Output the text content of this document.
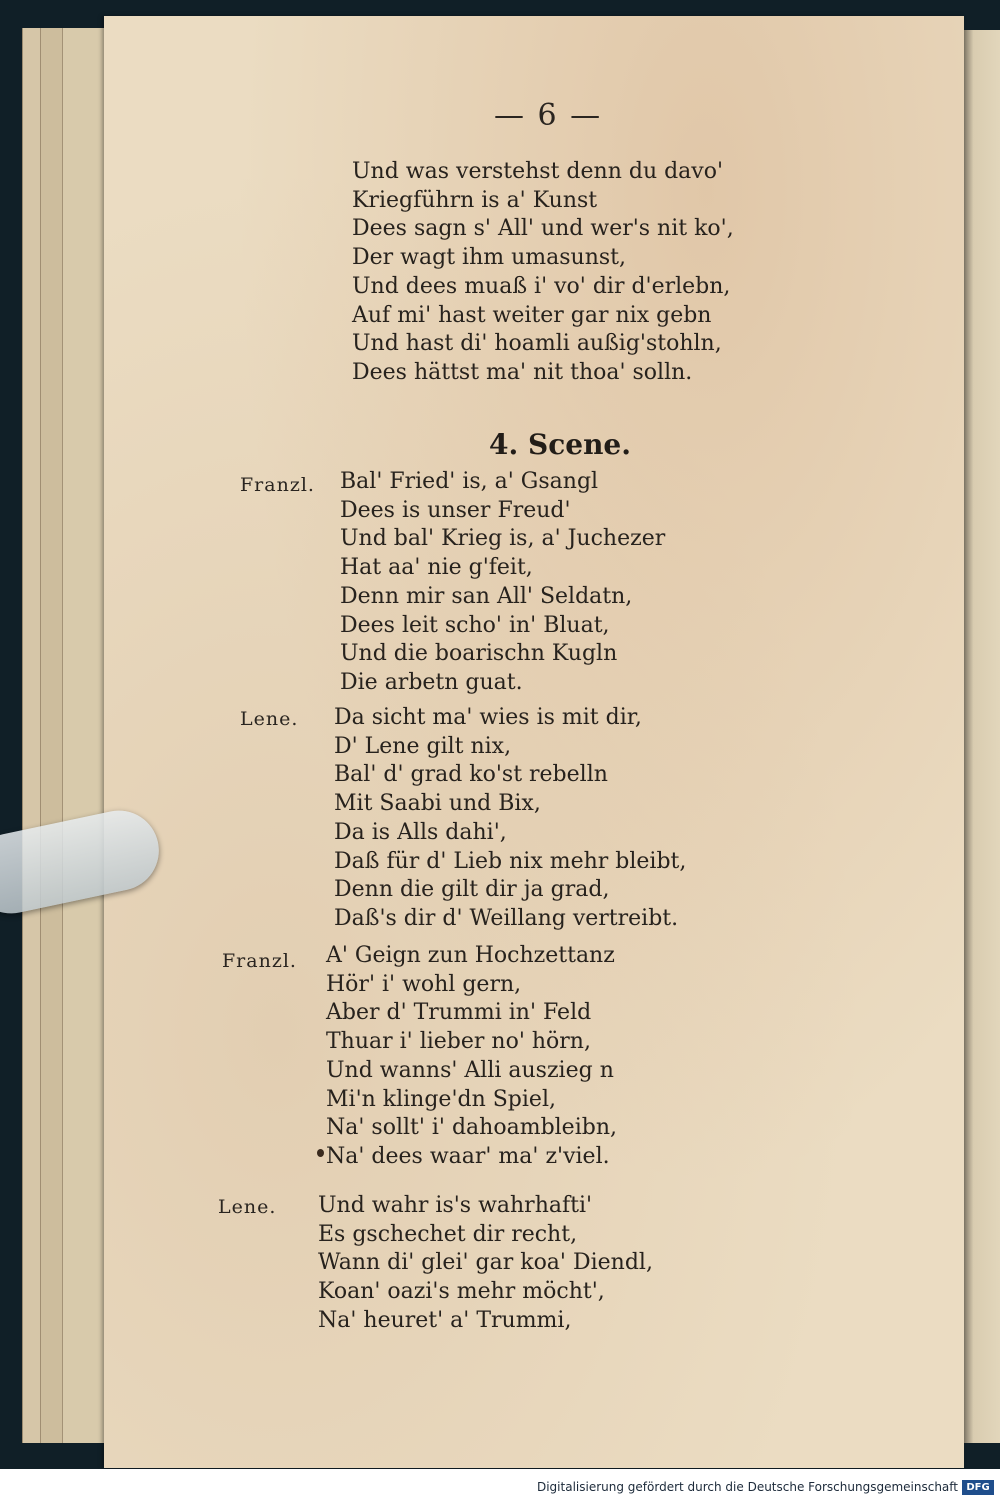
— 6 —
Und was verstehst denn du davo'
Kriegführn is a' Kunst
Dees sagn s' All' und wer's nit ko',
Der wagt ihm umasunst,
Und dees muaß i' vo' dir d'erlebn,
Auf mi' hast weiter gar nix gebn
Und hast di' hoamli außig'stohln,
Dees hättst ma' nit thoa' solln.
4. Scene.
Franzl. Bal' Fried' is, a' Gsangl
Dees is unser Freud'
Und bal' Krieg is, a' Juchezer
Hat aa' nie g'feit,
Denn mir san All' Seldatn,
Dees leit scho' in' Bluat,
Und die boarischn Kugln
Die arbetn guat.
Lene. Da sicht ma' wies is mit dir,
D' Lene gilt nix,
Bal' d' grad ko'st rebelln
Mit Saabi und Bix,
Da is Alls dahi',
Daß für d' Lieb nix mehr bleibt,
Denn die gilt dir ja grad,
Daß's dir d' Weillang vertreibt.
Franzl. A' Geign zun Hochzettanz
Hör' i' wohl gern,
Aber d' Trummi in' Feld
Thuar i' lieber no' hörn,
Und wanns' Alli auszieg n
Mi'n klinge'dn Spiel,
Na' sollt' i' dahoambleibn,
Na' dees waar' ma' z'viel.
Lene. Und wahr is's wahrhafti'
Es gschechet dir recht,
Wann di' glei' gar koa' Diendl,
Koan' oazi's mehr möcht',
Na' heuret' a' Trummi,
Digitalisierung gefördert durch die Deutsche Forschungsgemeinschaft DFG
